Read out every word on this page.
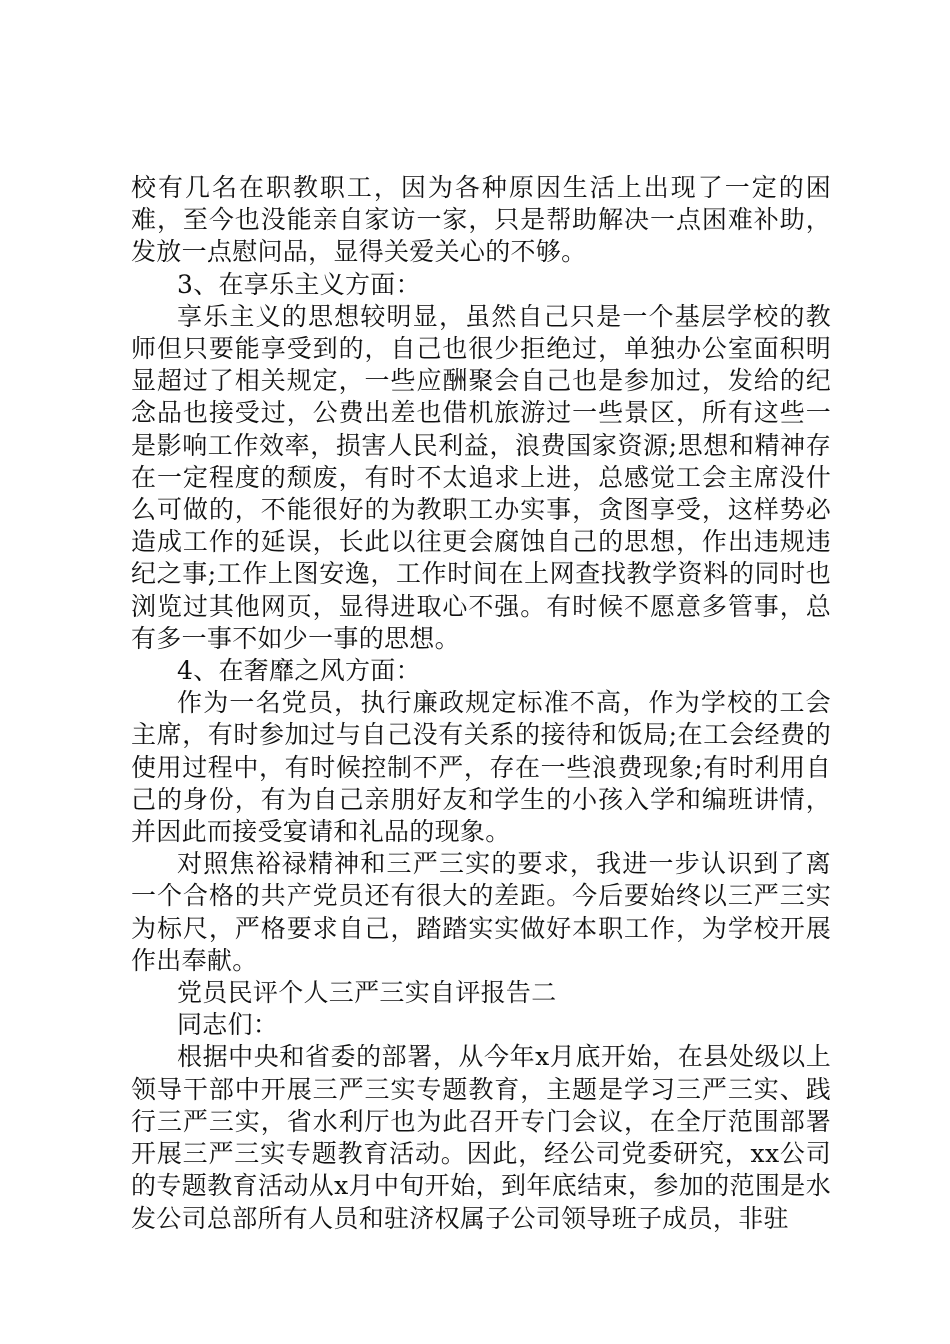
校有几名在职教职工，因为各种原因生活上出现了一定的困难，至今也没能亲自家访一家，只是帮助解决一点困难补助，发放一点慰问品，显得关爱关心的不够。

3、在享乐主义方面：

享乐主义的思想较明显，虽然自己只是一个基层学校的教师但只要能享受到的，自己也很少拒绝过，单独办公室面积明显超过了相关规定，一些应酬聚会自己也是参加过，发给的纪念品也接受过，公费出差也借机旅游过一些景区，所有这些一是影响工作效率，损害人民利益，浪费国家资源;思想和精神存在一定程度的颓废，有时不太追求上进，总感觉工会主席没什么可做的，不能很好的为教职工办实事，贪图享受，这样势必造成工作的延误，长此以往更会腐蚀自己的思想，作出违规违纪之事;工作上图安逸，工作时间在上网查找教学资料的同时也浏览过其他网页，显得进取心不强。有时候不愿意多管事，总有多一事不如少一事的思想。

4、在奢靡之风方面：

作为一名党员，执行廉政规定标准不高，作为学校的工会主席，有时参加过与自己没有关系的接待和饭局;在工会经费的使用过程中，有时候控制不严，存在一些浪费现象;有时利用自己的身份，有为自己亲朋好友和学生的小孩入学和编班讲情，并因此而接受宴请和礼品的现象。

对照焦裕禄精神和三严三实的要求，我进一步认识到了离一个合格的共产党员还有很大的差距。今后要始终以三严三实为标尺，严格要求自己，踏踏实实做好本职工作，为学校开展作出奉献。

党员民评个人三严三实自评报告二

同志们：

根据中央和省委的部署，从今年x月底开始，在县处级以上领导干部中开展三严三实专题教育，主题是学习三严三实、践行三严三实，省水利厅也为此召开专门会议，在全厅范围部署开展三严三实专题教育活动。因此，经公司党委研究，xx公司的专题教育活动从x月中旬开始，到年底结束，参加的范围是水发公司总部所有人员和驻济权属子公司领导班子成员，非驻
